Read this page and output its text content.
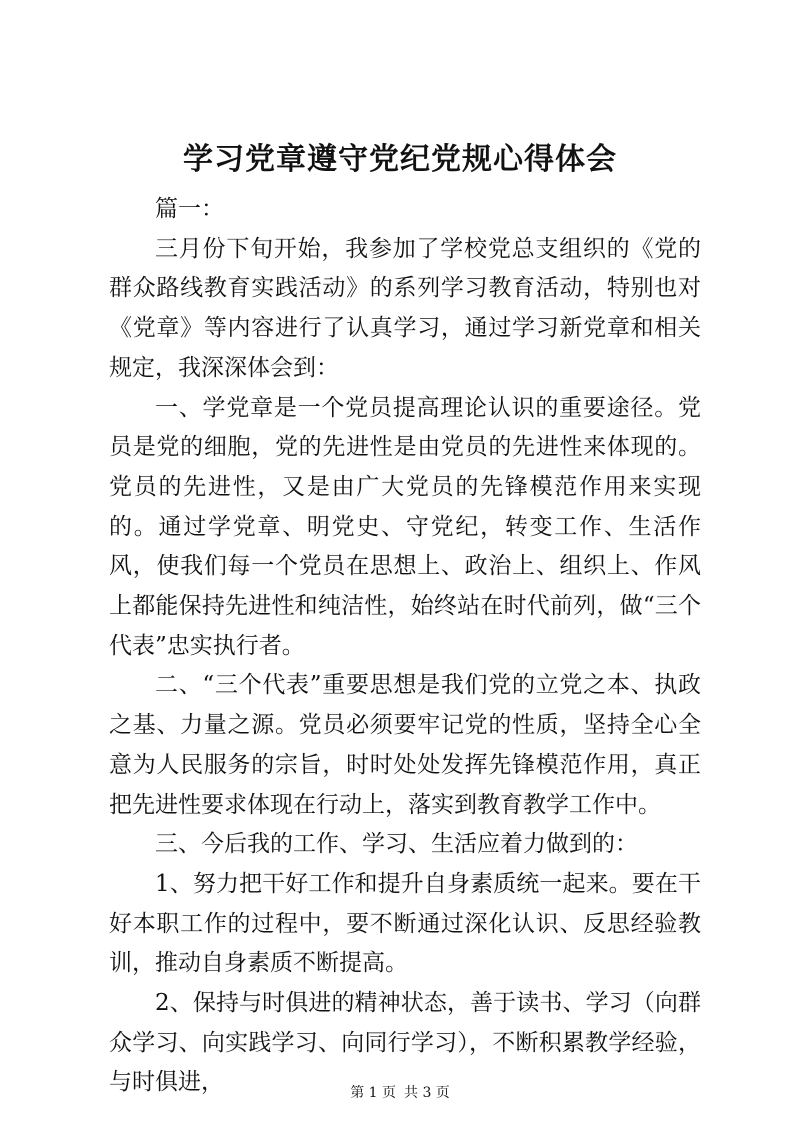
学习党章遵守党纪党规心得体会

篇一：

三月份下旬开始，我参加了学校党总支组织的《党的群众路线教育实践活动》的系列学习教育活动，特别也对《党章》等内容进行了认真学习，通过学习新党章和相关规定，我深深体会到：

一、学党章是一个党员提高理论认识的重要途径。党员是党的细胞，党的先进性是由党员的先进性来体现的。党员的先进性，又是由广大党员的先锋模范作用来实现的。通过学党章、明党史、守党纪，转变工作、生活作风，使我们每一个党员在思想上、政治上、组织上、作风上都能保持先进性和纯洁性，始终站在时代前列，做“三个代表”忠实执行者。

二、“三个代表”重要思想是我们党的立党之本、执政之基、力量之源。党员必须要牢记党的性质，坚持全心全意为人民服务的宗旨，时时处处发挥先锋模范作用，真正把先进性要求体现在行动上，落实到教育教学工作中。

三、今后我的工作、学习、生活应着力做到的：

1、努力把干好工作和提升自身素质统一起来。要在干好本职工作的过程中，要不断通过深化认识、反思经验教训，推动自身素质不断提高。

2、保持与时俱进的精神状态，善于读书、学习（向群众学习、向实践学习、向同行学习），不断积累教学经验，与时俱进，	第 1 页 共 3 页
